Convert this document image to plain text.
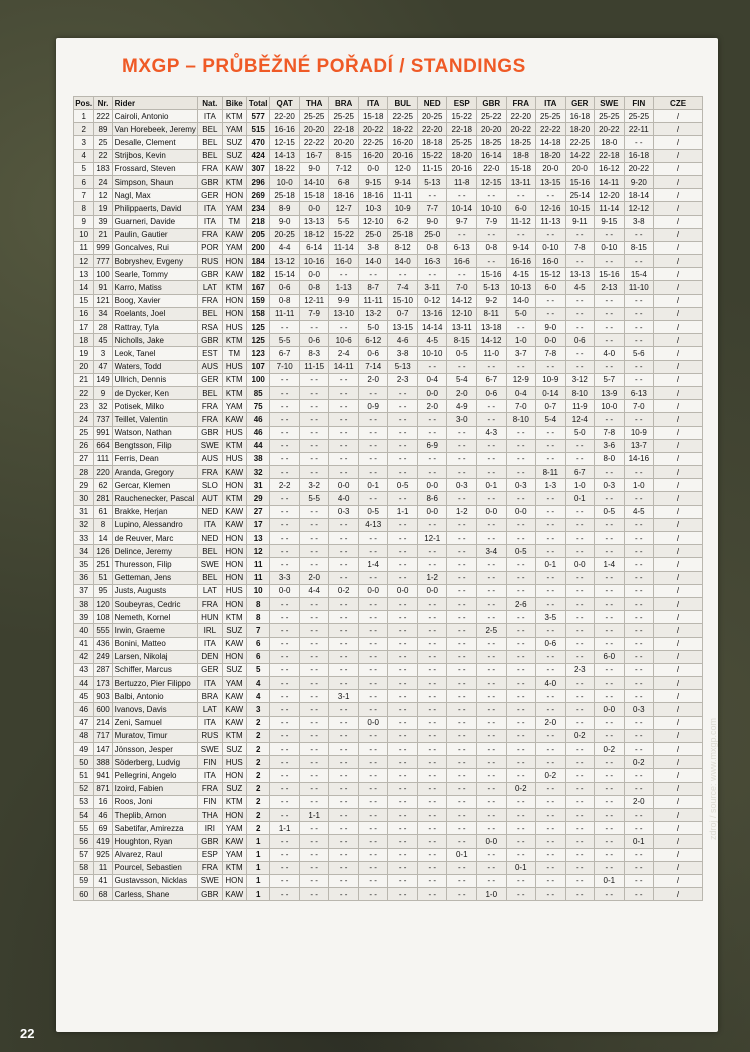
MXGP – PRŮBĚŽNÉ POŘADÍ / STANDINGS
Pos.	Nr.	Rider	Nat.	Bike	Total	QAT	THA	BRA	ITA	BUL	NED	ESP	GBR	FRA	ITA	GER	SWE	FIN	CZE
1	222	Cairoli, Antonio	ITA	KTM	577	22-20	25-25	25-25	15-18	22-25	20-25	15-22	25-22	22-20	25-25	16-18	25-25	25-25	/
2	89	Van Horebeek, Jeremy	BEL	YAM	515	16-16	20-20	22-18	20-22	18-22	22-20	22-18	20-20	20-22	22-22	18-20	20-22	22-11	/
3	25	Desalle, Clement	BEL	SUZ	470	12-15	22-22	20-20	22-25	16-20	18-18	25-25	18-25	18-25	14-18	22-25	18-0	- -	/
4	22	Strijbos, Kevin	BEL	SUZ	424	14-13	16-7	8-15	16-20	20-16	15-22	18-20	16-14	18-8	18-20	14-22	22-18	16-18	/
5	183	Frossard, Steven	FRA	KAW	307	18-22	9-0	7-12	0-0	12-0	11-15	20-16	22-0	15-18	20-0	20-0	16-12	20-22	/
6	24	Simpson, Shaun	GBR	KTM	296	10-0	14-10	6-8	9-15	9-14	5-13	11-8	12-15	13-11	13-15	15-16	14-11	9-20	/
7	12	Nagl, Max	GER	HON	269	25-18	15-18	18-16	18-16	11-11	- -	- -	- -	- -	- -	25-14	12-20	18-14	/
8	19	Philippaerts, David	ITA	YAM	234	8-9	0-0	12-7	10-3	10-9	7-7	10-14	10-10	6-0	12-16	10-15	11-14	12-12	/
9	39	Guarneri, Davide	ITA	TM	218	9-0	13-13	5-5	12-10	6-2	9-0	9-7	7-9	11-12	11-13	9-11	9-15	3-8	/
10	21	Paulin, Gautier	FRA	KAW	205	20-25	18-12	15-22	25-0	25-18	25-0	- -	- -	- -	- -	- -	- -	- -	/
11	999	Goncalves, Rui	POR	YAM	200	4-4	6-14	11-14	3-8	8-12	0-8	6-13	0-8	9-14	0-10	7-8	0-10	8-15	/
12	777	Bobryshev, Evgeny	RUS	HON	184	13-12	10-16	16-0	14-0	14-0	16-3	16-6	- -	16-16	16-0	- -	- -	- -	/
13	100	Searle, Tommy	GBR	KAW	182	15-14	0-0	- -	- -	- -	- -	- -	15-16	4-15	15-12	13-13	15-16	15-4	/
14	91	Karro, Matiss	LAT	KTM	167	0-6	0-8	1-13	8-7	7-4	3-11	7-0	5-13	10-13	6-0	4-5	2-13	11-10	/
15	121	Boog, Xavier	FRA	HON	159	0-8	12-11	9-9	11-11	15-10	0-12	14-12	9-2	14-0	- -	- -	- -	- -	/
16	34	Roelants, Joel	BEL	HON	158	11-11	7-9	13-10	13-2	0-7	13-16	12-10	8-11	5-0	- -	- -	- -	- -	/
17	28	Rattray, Tyla	RSA	HUS	125	- -	- -	- -	5-0	13-15	14-14	13-11	13-18	- -	9-0	- -	- -	- -	/
18	45	Nicholls, Jake	GBR	KTM	125	5-5	0-6	10-6	6-12	4-6	4-5	8-15	14-12	1-0	0-0	0-6	- -	- -	/
19	3	Leok, Tanel	EST	TM	123	6-7	8-3	2-4	0-6	3-8	10-10	0-5	11-0	3-7	7-8	- -	4-0	5-6	/
20	47	Waters, Todd	AUS	HUS	107	7-10	11-15	14-11	7-14	5-13	- -	- -	- -	- -	- -	- -	- -	- -	/
21	149	Ullrich, Dennis	GER	KTM	100	- -	- -	- -	2-0	2-3	0-4	5-4	6-7	12-9	10-9	3-12	5-7	- -	/
22	9	de Dycker, Ken	BEL	KTM	85	- -	- -	- -	- -	- -	0-0	2-0	0-6	0-4	0-14	8-10	13-9	6-13	/
23	32	Potisek, Milko	FRA	YAM	75	- -	- -	- -	0-9	- -	2-0	4-9	- -	7-0	0-7	11-9	10-0	7-0	/
24	737	Teillet, Valentin	FRA	KAW	46	- -	- -	- -	- -	- -	- -	3-0	- -	8-10	5-4	12-4	- -	- -	/
25	991	Watson, Nathan	GBR	HUS	46	- -	- -	- -	- -	- -	- -	- -	4-3	- -	- -	5-0	7-8	10-9	/
26	664	Bengtsson, Filip	SWE	KTM	44	- -	- -	- -	- -	- -	6-9	- -	- -	- -	- -	- -	3-6	13-7	/
27	111	Ferris, Dean	AUS	HUS	38	- -	- -	- -	- -	- -	- -	- -	- -	- -	- -	- -	8-0	14-16	/
28	220	Aranda, Gregory	FRA	KAW	32	- -	- -	- -	- -	- -	- -	- -	- -	- -	8-11	6-7	- -	- -	/
29	62	Gercar, Klemen	SLO	HON	31	2-2	3-2	0-0	0-1	0-5	0-0	0-3	0-1	0-3	1-3	1-0	0-3	1-0	/
30	281	Rauchenecker, Pascal	AUT	KTM	29	- -	5-5	4-0	- -	- -	8-6	- -	- -	- -	- -	0-1	- -	- -	/
31	61	Brakke, Herjan	NED	KAW	27	- -	- -	0-3	0-5	1-1	0-0	1-2	0-0	0-0	- -	- -	0-5	4-5	/
32	8	Lupino, Alessandro	ITA	KAW	17	- -	- -	- -	4-13	- -	- -	- -	- -	- -	- -	- -	- -	- -	/
33	14	de Reuver, Marc	NED	HON	13	- -	- -	- -	- -	- -	12-1	- -	- -	- -	- -	- -	- -	- -	/
34	126	Delince, Jeremy	BEL	HON	12	- -	- -	- -	- -	- -	- -	- -	3-4	0-5	- -	- -	- -	- -	/
35	251	Thuresson, Filip	SWE	HON	11	- -	- -	- -	1-4	- -	- -	- -	- -	- -	0-1	0-0	1-4	- -	/
36	51	Getteman, Jens	BEL	HON	11	3-3	2-0	- -	- -	- -	1-2	- -	- -	- -	- -	- -	- -	- -	/
37	95	Justs, Augusts	LAT	HUS	10	0-0	4-4	0-2	0-0	0-0	0-0	- -	- -	- -	- -	- -	- -	- -	/
38	120	Soubeyras, Cedric	FRA	HON	8	- -	- -	- -	- -	- -	- -	- -	- -	2-6	- -	- -	- -	- -	/
39	108	Nemeth, Kornel	HUN	KTM	8	- -	- -	- -	- -	- -	- -	- -	- -	- -	3-5	- -	- -	- -	/
40	555	Irwin, Graeme	IRL	SUZ	7	- -	- -	- -	- -	- -	- -	- -	2-5	- -	- -	- -	- -	- -	/
41	436	Bonini, Matteo	ITA	KAW	6	- -	- -	- -	- -	- -	- -	- -	- -	- -	0-6	- -	- -	- -	/
42	249	Larsen, Nikolaj	DEN	HON	6	- -	- -	- -	- -	- -	- -	- -	- -	- -	- -	- -	6-0	- -	/
43	287	Schiffer, Marcus	GER	SUZ	5	- -	- -	- -	- -	- -	- -	- -	- -	- -	- -	2-3	- -	- -	/
44	173	Bertuzzo, Pier Filippo	ITA	YAM	4	- -	- -	- -	- -	- -	- -	- -	- -	- -	4-0	- -	- -	- -	/
45	903	Balbi, Antonio	BRA	KAW	4	- -	- -	3-1	- -	- -	- -	- -	- -	- -	- -	- -	- -	- -	/
46	600	Ivanovs, Davis	LAT	KAW	3	- -	- -	- -	- -	- -	- -	- -	- -	- -	- -	- -	0-0	0-3	/
47	214	Zeni, Samuel	ITA	KAW	2	- -	- -	- -	0-0	- -	- -	- -	- -	- -	2-0	- -	- -	- -	/
48	717	Muratov, Timur	RUS	KTM	2	- -	- -	- -	- -	- -	- -	- -	- -	- -	- -	0-2	- -	- -	/
49	147	Jönsson, Jesper	SWE	SUZ	2	- -	- -	- -	- -	- -	- -	- -	- -	- -	- -	- -	0-2	- -	/
50	388	Söderberg, Ludvig	FIN	HUS	2	- -	- -	- -	- -	- -	- -	- -	- -	- -	- -	- -	- -	0-2	/
51	941	Pellegrini, Angelo	ITA	HON	2	- -	- -	- -	- -	- -	- -	- -	- -	- -	0-2	- -	- -	- -	/
52	871	Izoird, Fabien	FRA	SUZ	2	- -	- -	- -	- -	- -	- -	- -	- -	0-2	- -	- -	- -	- -	/
53	16	Roos, Joni	FIN	KTM	2	- -	- -	- -	- -	- -	- -	- -	- -	- -	- -	- -	- -	2-0	/
54	46	Theplib, Arnon	THA	HON	2	- -	1-1	- -	- -	- -	- -	- -	- -	- -	- -	- -	- -	- -	/
55	69	Sabetifar, Amirezza	IRI	YAM	2	1-1	- -	- -	- -	- -	- -	- -	- -	- -	- -	- -	- -	- -	/
56	419	Houghton, Ryan	GBR	KAW	1	- -	- -	- -	- -	- -	- -	- -	0-0	- -	- -	- -	- -	0-1	/
57	925	Alvarez, Raul	ESP	YAM	1	- -	- -	- -	- -	- -	- -	0-1	- -	- -	- -	- -	- -	- -	/
58	11	Pourcel, Sebastien	FRA	KTM	1	- -	- -	- -	- -	- -	- -	- -	- -	0-1	- -	- -	- -	- -	/
59	41	Gustavsson, Nicklas	SWE	HON	1	- -	- -	- -	- -	- -	- -	- -	- -	- -	- -	- -	0-1	- -	/
60	68	Carless, Shane	GBR	KAW	1	- -	- -	- -	- -	- -	- -	- -	1-0	- -	- -	- -	- -	- -	/
zdroj / source: www.mxgp.com
22
